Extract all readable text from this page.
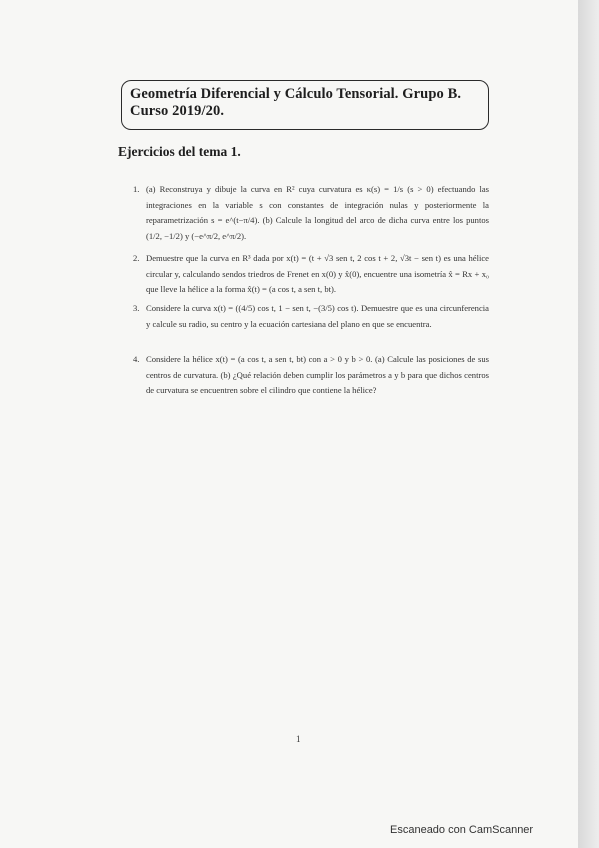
Geometría Diferencial y Cálculo Tensorial. Grupo B. Curso 2019/20.
Ejercicios del tema 1.
1. (a) Reconstruya y dibuje la curva en R² cuya curvatura es κ(s) = 1/s (s > 0) efectuando las integraciones en la variable s con constantes de integración nulas y posteriormente la reparametrización s = e^(t−π/4). (b) Calcule la longitud del arco de dicha curva entre los puntos (1/2, −1/2) y (−e^π/2, e^π/2).
2. Demuestre que la curva en R³ dada por x(t) = (t + √3 sen t, 2 cos t + 2, √3t − sen t) es una hélice circular y, calculando sendos triedros de Frenet en x(0) y x̂(0), encuentre una isometría x̂ = Rx + x₀ que lleve la hélice a la forma x̂(t) = (a cos t, a sen t, bt).
3. Considere la curva x(t) = ((4/5) cos t, 1 − sen t, −(3/5) cos t). Demuestre que es una circunferencia y calcule su radio, su centro y la ecuación cartesiana del plano en que se encuentra.
4. Considere la hélice x(t) = (a cos t, a sen t, bt) con a > 0 y b > 0. (a) Calcule las posiciones de sus centros de curvatura. (b) ¿Qué relación deben cumplir los parámetros a y b para que dichos centros de curvatura se encuentren sobre el cilindro que contiene la hélice?
1
Escaneado con CamScanner
